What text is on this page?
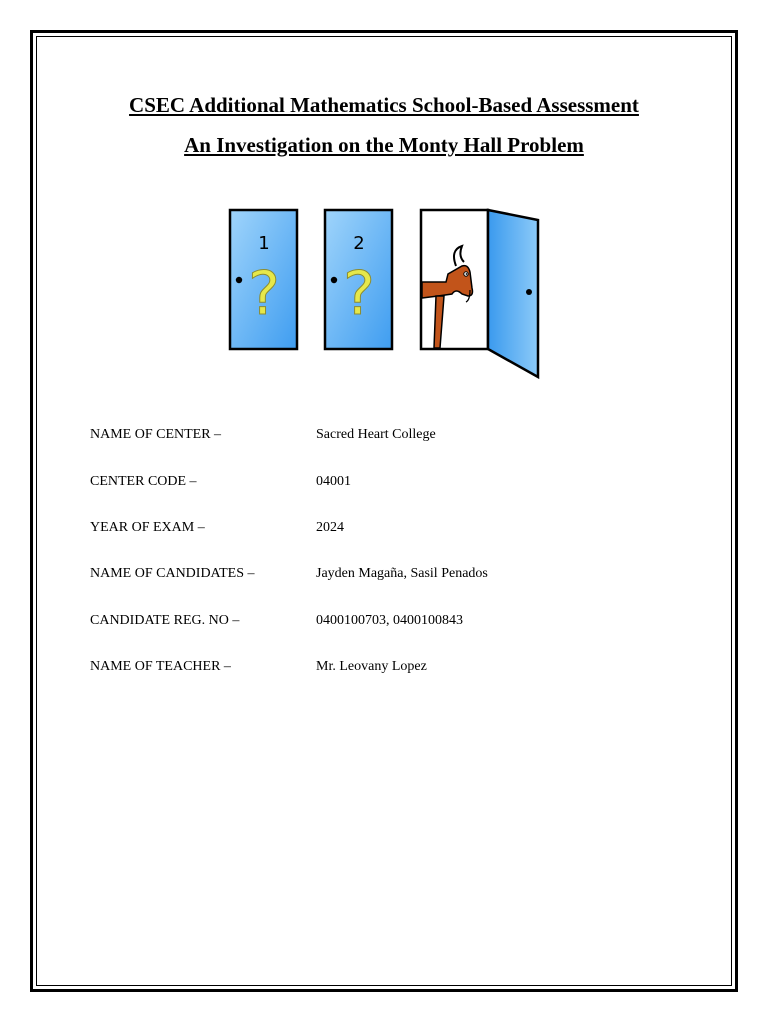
CSEC Additional Mathematics School-Based Assessment
An Investigation on the Monty Hall Problem
1
?
2
?
NAME OF CENTER –	Sacred Heart College
CENTER CODE –	04001
YEAR OF EXAM –	2024
NAME OF CANDIDATES –	Jayden Magaña, Sasil Penados
CANDIDATE REG. NO –	0400100703, 0400100843
NAME OF TEACHER –	Mr. Leovany Lopez
